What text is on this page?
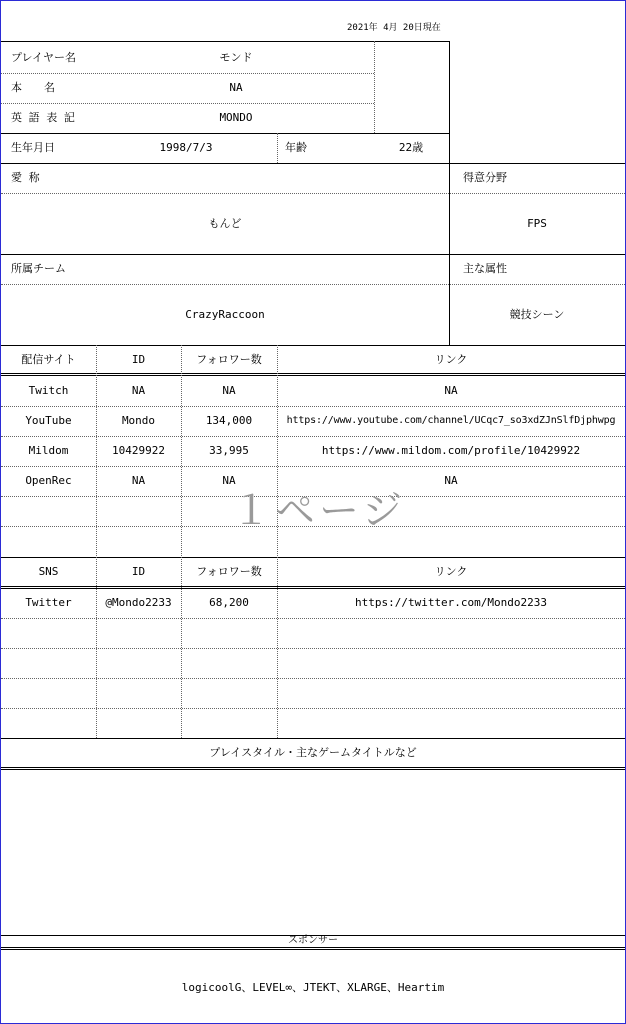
2021年 4月 20日現在
プレイヤー名	モンド
本　　名	NA
英 語 表 記	MONDO
生年月日	1998/7/3	年齢	22歳
愛 称
もんど
得意分野
FPS
所属チーム
CrazyRaccoon
主な属性
競技シーン
配信サイト	ID	フォロワー数	リンク
Twitch	NA	NA	NA
YouTube	Mondo	134,000	https://www.youtube.com/channel/UCqc7_so3xdZJnSlfDjphwpg
Mildom	10429922	33,995	https://www.mildom.com/profile/10429922
OpenRec	NA	NA	NA
SNS	ID	フォロワー数	リンク
Twitter	@Mondo2233	68,200	https://twitter.com/Mondo2233
プレイスタイル・主なゲームタイトルなど
スポンサー
logicoolG、LEVEL∞、JTEKT、XLARGE、Heartim
１ページ
